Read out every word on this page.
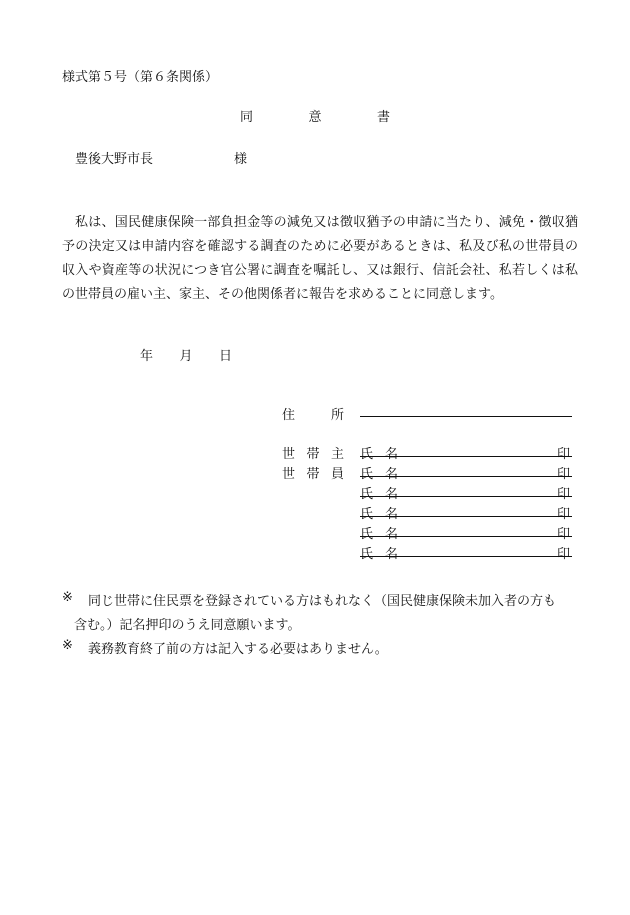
様式第５号（第６条関係）
同	意	書
豊後大野市長	様
私は、国民健康保険一部負担金等の減免又は徴収猶予の申請に当たり、減免・徴収猶予の決定又は申請内容を確認する調査のために必要があるときは、私及び私の世帯員の収入や資産等の状況につき官公署に調査を嘱託し、又は銀行、信託会社、私若しくは私の世帯員の雇い主、家主、その他関係者に報告を求めることに同意します。
年 月 日
住	所
世 帯 主 氏 名	印
世 帯 員 氏 名	印
氏 名	印
氏 名	印
氏 名	印
氏 名	印
※ 同じ世帯に住民票を登録されている方はもれなく（国民健康保険未加入者の方も
含む。）記名押印のうえ同意願います。
※ 義務教育終了前の方は記入する必要はありません。
